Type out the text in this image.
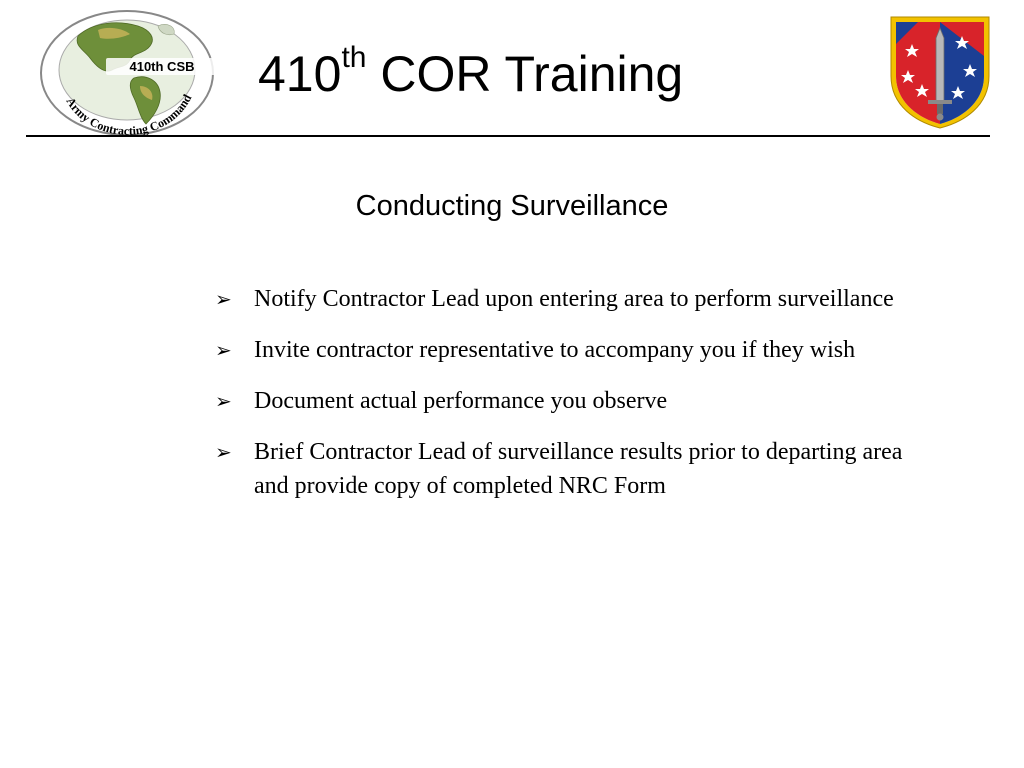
Army Contracting Command
410th CSB	410th COR Training
Conducting Surveillance
➢ Notify Contractor Lead upon entering area to perform surveillance
➢ Invite contractor representative to accompany you if they wish
➢ Document actual performance you observe
➢ Brief Contractor Lead of surveillance results prior to departing area and provide copy of completed NRC Form
